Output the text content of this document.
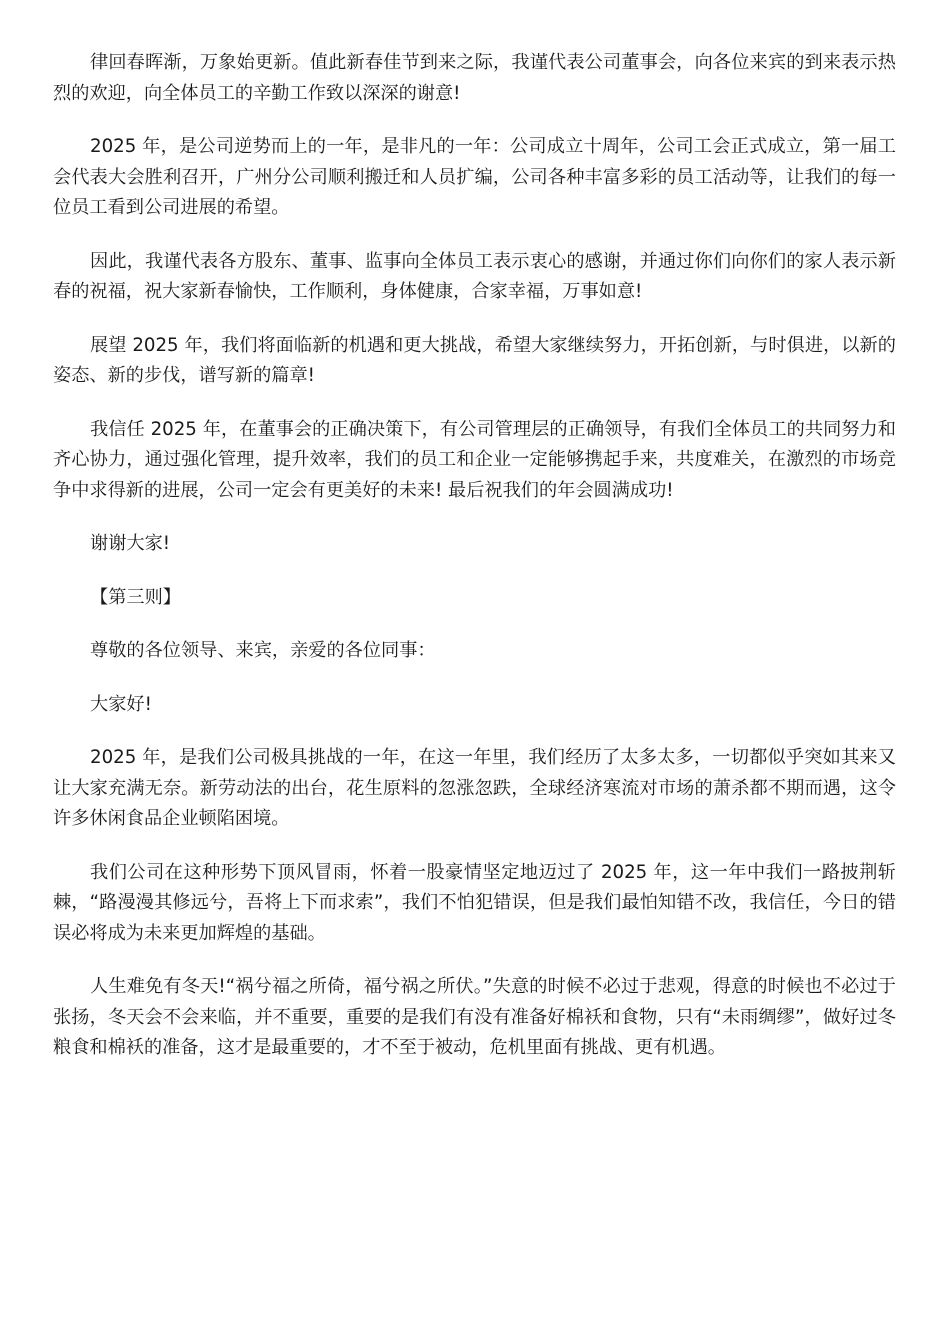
律回春晖渐，万象始更新。值此新春佳节到来之际，我谨代表公司董事会，向各位来宾的到来表示热烈的欢迎，向全体员工的辛勤工作致以深深的谢意!

2025 年，是公司逆势而上的一年，是非凡的一年：公司成立十周年，公司工会正式成立，第一届工会代表大会胜利召开，广州分公司顺利搬迁和人员扩编，公司各种丰富多彩的员工活动等，让我们的每一位员工看到公司进展的希望。

因此，我谨代表各方股东、董事、监事向全体员工表示衷心的感谢，并通过你们向你们的家人表示新春的祝福，祝大家新春愉快，工作顺利，身体健康，合家幸福，万事如意!

展望 2025 年，我们将面临新的机遇和更大挑战，希望大家继续努力，开拓创新，与时俱进，以新的姿态、新的步伐，谱写新的篇章!

我信任 2025 年，在董事会的正确决策下，有公司管理层的正确领导，有我们全体员工的共同努力和齐心协力，通过强化管理，提升效率，我们的员工和企业一定能够携起手来，共度难关，在激烈的市场竞争中求得新的进展，公司一定会有更美好的未来! 最后祝我们的年会圆满成功!

谢谢大家!

【第三则】

尊敬的各位领导、来宾，亲爱的各位同事：

大家好!

2025 年，是我们公司极具挑战的一年，在这一年里，我们经历了太多太多，一切都似乎突如其来又让大家充满无奈。新劳动法的出台，花生原料的忽涨忽跌，全球经济寒流对市场的萧杀都不期而遇，这令许多休闲食品企业顿陷困境。

我们公司在这种形势下顶风冒雨，怀着一股豪情坚定地迈过了 2025 年，这一年中我们一路披荆斩棘，“路漫漫其修远兮，吾将上下而求索”，我们不怕犯错误，但是我们最怕知错不改，我信任，今日的错误必将成为未来更加辉煌的基础。

人生难免有冬天!“祸兮福之所倚，福兮祸之所伏。”失意的时候不必过于悲观，得意的时候也不必过于张扬，冬天会不会来临，并不重要，重要的是我们有没有准备好棉袄和食物，只有“未雨绸缪”，做好过冬粮食和棉袄的准备，这才是最重要的，才不至于被动，危机里面有挑战、更有机遇。
